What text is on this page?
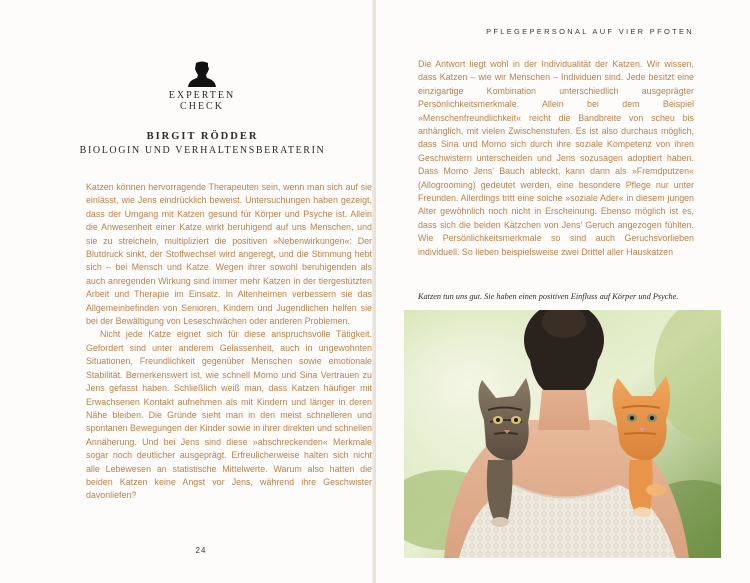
EXPERTEN
CHECK
BIRGIT RÖDDER
BIOLOGIN UND VERHALTENSBERATERIN

Katzen können hervorragende Therapeuten sein, wenn man sich auf sie einlässt, wie Jens eindrücklich beweist. Untersuchungen haben gezeigt, dass der Umgang mit Katzen gesund für Körper und Psyche ist. Allein die Anwesenheit einer Katze wirkt beruhigend auf uns Menschen, und sie zu streicheln, multipliziert die positiven »Nebenwirkungen«: Der Blutdruck sinkt, der Stoffwechsel wird angeregt, und die Stimmung hebt sich – bei Mensch und Katze. Wegen ihrer sowohl beruhigenden als auch anregenden Wirkung sind immer mehr Katzen in der tiergestützten Arbeit und Therapie im Einsatz. In Altenheimen verbessern sie das Allgemeinbefinden von Senioren, Kindern und Jugendlichen helfen sie bei der Bewältigung von Leseschwächen oder anderen Problemen.

Nicht jede Katze eignet sich für diese anspruchsvolle Tätigkeit. Gefordert sind unter anderem Gelassenheit, auch in ungewohnten Situationen, Freundlichkeit gegenüber Menschen sowie emotionale Stabilität. Bemerkenswert ist, wie schnell Momo und Sina Vertrauen zu Jens gefasst haben. Schließlich weiß man, dass Katzen häufiger mit Erwachsenen Kontakt aufnehmen als mit Kindern und länger in deren Nähe bleiben. Die Gründe sieht man in den meist schnelleren und spontanen Bewegungen der Kinder sowie in ihrer direkten und schnellen Annäherung. Und bei Jens sind diese »abschreckenden« Merkmale sogar noch deutlicher ausgeprägt. Erfreulicherweise halten sich nicht alle Lebewesen an statistische Mittelwerte. Warum also hatten die beiden Katzen keine Angst vor Jens, während ihre Geschwister davonliefen?

24
PFLEGEPERSONAL AUF VIER PFOTEN

Die Antwort liegt wohl in der Individualität der Katzen. Wir wissen, dass Katzen – wie wir Menschen – Individuen sind. Jede besitzt eine einzigartige Kombination unterschiedlich ausgeprägter Persönlichkeitsmerkmale. Allein bei dem Beispiel »Menschenfreundlichkeit« reicht die Bandbreite von scheu bis anhänglich, mit vielen Zwischenstufen. Es ist also durchaus möglich, dass Sina und Momo sich durch ihre soziale Kompetenz von ihren Geschwistern unterscheiden und Jens sozusagen adoptiert haben. Dass Momo Jens' Bauch ableckt, kann dann als »Fremdputzen« (Allogrooming) gedeutet werden, eine besondere Pflege nur unter Freunden. Allerdings tritt eine solche »soziale Ader« in diesem jungen Alter gewöhnlich noch nicht in Erscheinung. Ebenso möglich ist es, dass sich die beiden Kätzchen von Jens' Geruch angezogen fühlten. Wie Persönlichkeitsmerkmale so sind auch Geruchsvorlieben individuell. So lieben beispielsweise zwei Drittel aller Hauskatzen

Katzen tun uns gut. Sie haben einen positiven Einfluss auf Körper und Psyche.
